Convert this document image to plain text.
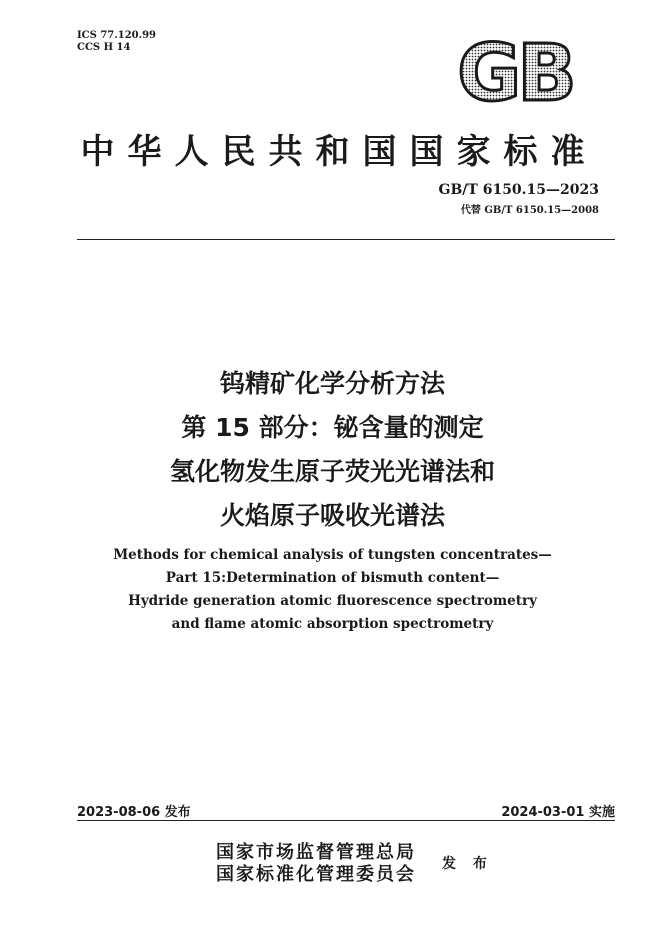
ICS 77.120.99
CCS H 14	GB
中华人民共和国国家标准
GB/T 6150.15—2023
代替 GB/T 6150.15—2008
钨精矿化学分析方法
第 15 部分：铋含量的测定
氢化物发生原子荧光光谱法和
火焰原子吸收光谱法
Methods for chemical analysis of tungsten concentrates—
Part 15:Determination of bismuth content—
Hydride generation atomic fluorescence spectrometry
and flame atomic absorption spectrometry
2023-08-06 发布	2024-03-01 实施
国家市场监督管理总局
国家标准化管理委员会 发 布
